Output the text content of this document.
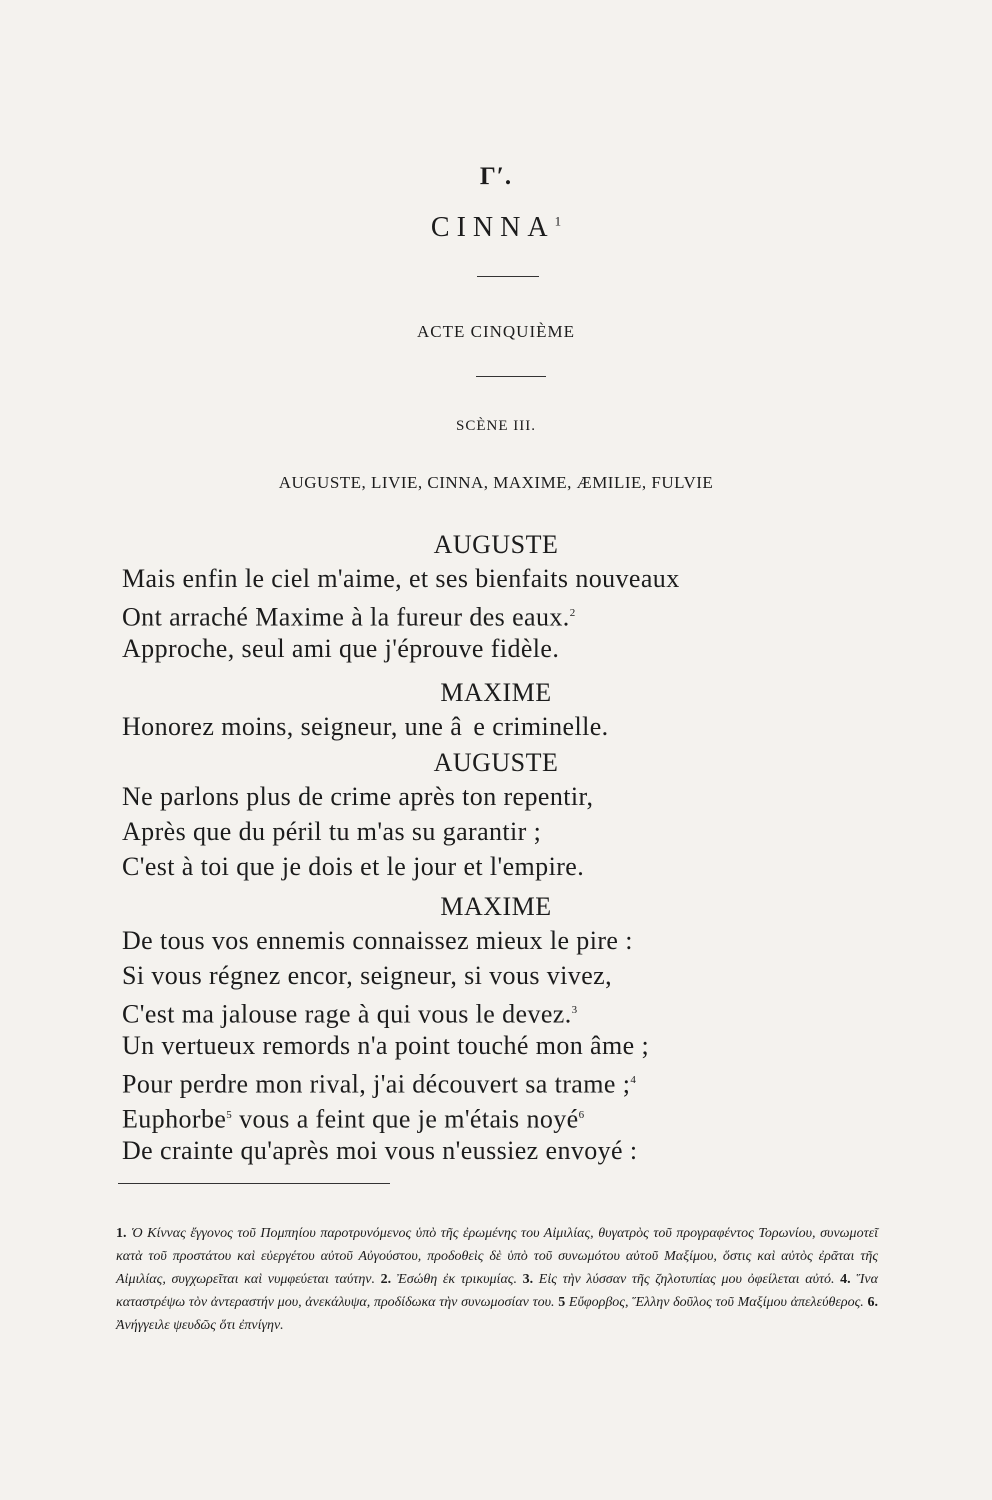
Γʹ.
CINNA$^1$
ACTE CINQUIÈME
SCÈNE III.
AUGUSTE, LIVIE, CINNA, MAXIME, ÆMILIE, FULVIE
AUGUSTE
Mais enfin le ciel m'aime, et ses bienfaits nouveaux
Ont arraché Maxime à la fureur des eaux.$^2$
Approche, seul ami que j'éprouve fidèle.
MAXIME
Honorez moins, seigneur, une â  e criminelle.
AUGUSTE
Ne parlons plus de crime après ton repentir,
Après que du péril tu m'as su garantir ;
C'est à toi que je dois et le jour et l'empire.
MAXIME
De tous vos ennemis connaissez mieux le pire :
Si vous régnez encor, seigneur, si vous vivez,
C'est ma jalouse rage à qui vous le devez.$^3$
Un vertueux remords n'a point touché mon âme ;
Pour perdre mon rival, j'ai découvert sa trame ;$^4$
Euphorbe$^5$ vous a feint que je m'étais noyé$^6$
De crainte qu'après moi vous n'eussiez envoyé :
1. Ὁ Κίννας ἔγγονος τοῦ Πομπηίου παροτρυνόμενος ὑπὸ τῆς ἐρωμένης του Αἰμιλίας, θυγατρὸς τοῦ προγραφέντος Τορωνίου, συνωμοτεῖ κατὰ τοῦ προστάτου καὶ εὐεργέτου αὐτοῦ Αὐγούστου, προδοθεὶς δὲ ὑπὸ τοῦ συνωμότου αὐτοῦ Μαξίμου, ὅστις καὶ αὐτὸς ἐρᾶται τῆς Αἰμιλίας, συγχωρεῖται καὶ νυμφεύεται ταύτην. 2. Ἐσώθη ἐκ τρικυμίας. 3. Εἰς τὴν λύσσαν τῆς ζηλοτυπίας μου ὀφείλεται αὐτό. 4. Ἵνα καταστρέψω τὸν ἀντεραστήν μου, ἀνεκάλυψα, προδίδωκα τὴν συνωμοσίαν του. 5 Εὔφορβος, Ἕλλην δοῦλος τοῦ Μαξίμου ἀπελεύθερος. 6. Ἀνήγγειλε ψευδῶς ὅτι ἐπνίγην.
